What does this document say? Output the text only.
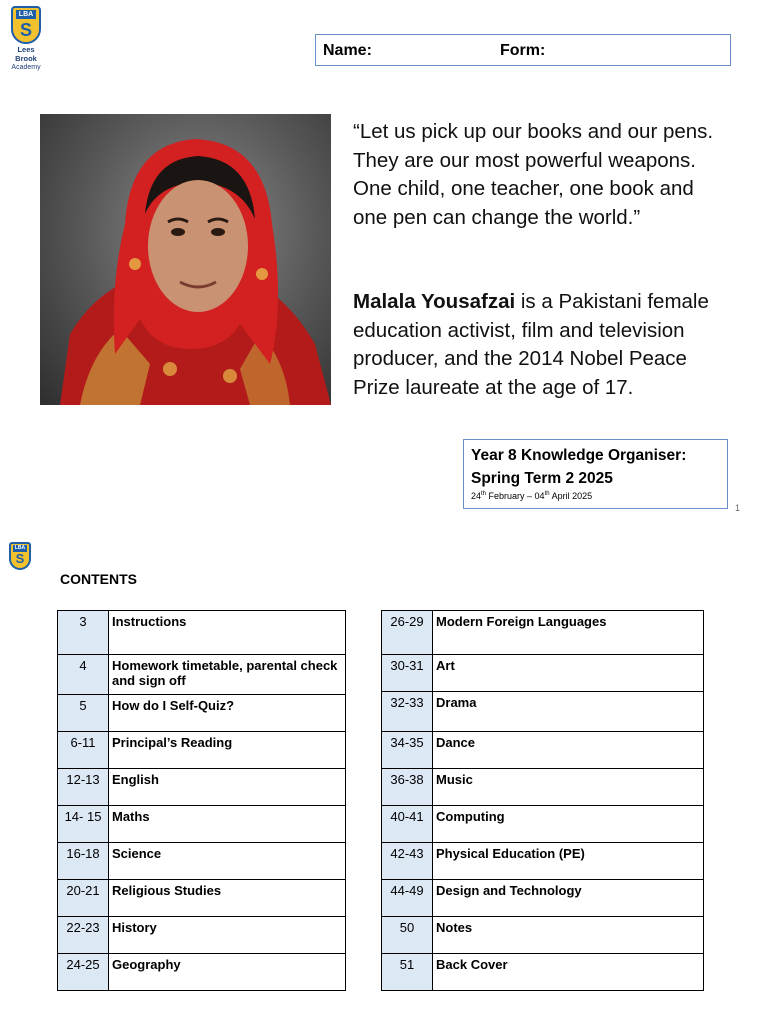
LBA
S
Lees Brook
Academy
Name:	Form:
“Let us pick up our books and our pens. They are our most powerful weapons. One child, one teacher, one book and one pen can change the world.”
Malala Yousafzai is a Pakistani female education activist, film and television producer, and the 2014 Nobel Peace Prize laureate at the age of 17.
Year 8 Knowledge Organiser:
Spring Term 2 2025
24th February – 04th April 2025
1
LBA
S
CONTENTS
3	Instructions
4	Homework timetable, parental check and sign off
5	How do I Self-Quiz?
6-11	Principal’s Reading
12-13	English
14- 15	Maths
16-18	Science
20-21	Religious Studies
22-23	History
24-25	Geography
26-29	Modern Foreign Languages
30-31	Art
32-33	Drama
34-35	Dance
36-38	Music
40-41	Computing
42-43	Physical Education (PE)
44-49	Design and Technology
50	Notes
51	Back Cover
